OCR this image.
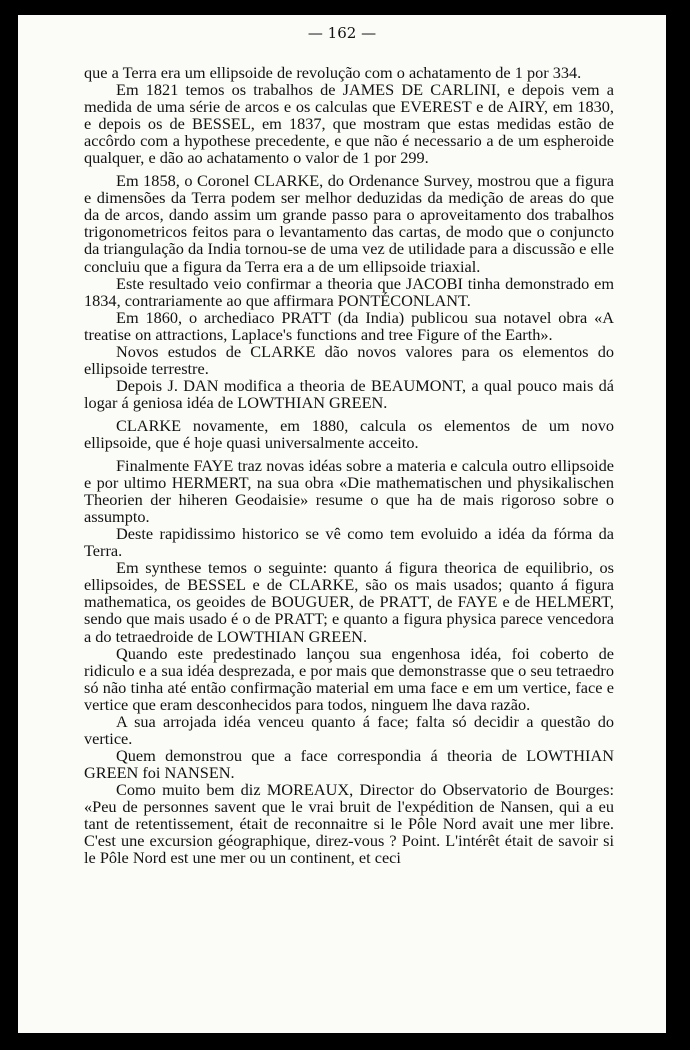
— 162 —

que a Terra era um ellipsoide de revolução com o achatamento de 1 por 334.

Em 1821 temos os trabalhos de JAMES DE CARLINI, e depois vem a medida de uma série de arcos e os calculas que EVEREST e de AIRY, em 1830, e depois os de BESSEL, em 1837, que mostram que estas medidas estão de accôrdo com a hypothese precedente, e que não é necessario a de um espheroide qualquer, e dão ao achatamento o valor de 1 por 299.

Em 1858, o Coronel CLARKE, do Ordenance Survey, mostrou que a figura e dimensões da Terra podem ser melhor deduzidas da medição de areas do que da de arcos, dando assim um grande passo para o aproveitamento dos trabalhos trigonometricos feitos para o levantamento das cartas, de modo que o conjuncto da triangulação da India tornou-se de uma vez de utilidade para a discussão e elle concluiu que a figura da Terra era a de um ellipsoide triaxial.

Este resultado veio confirmar a theoria que JACOBI tinha demonstrado em 1834, contrariamente ao que affirmara PONTÉCONLANT.

Em 1860, o archediaco PRATT (da India) publicou sua notavel obra «A treatise on attractions, Laplace's functions and tree Figure of the Earth».

Novos estudos de CLARKE dão novos valores para os elementos do ellipsoide terrestre.

Depois J. DAN modifica a theoria de BEAUMONT, a qual pouco mais dá logar á geniosa idéa de LOWTHIAN GREEN.

CLARKE novamente, em 1880, calcula os elementos de um novo ellipsoide, que é hoje quasi universalmente acceito.

Finalmente FAYE traz novas idéas sobre a materia e calcula outro ellipsoide e por ultimo HERMERT, na sua obra «Die mathematischen und physikalischen Theorien der hiheren Geodaisie» resume o que ha de mais rigoroso sobre o assumpto.

Deste rapidissimo historico se vê como tem evoluido a idéa da fórma da Terra.

Em synthese temos o seguinte: quanto á figura theorica de equilibrio, os ellipsoides, de BESSEL e de CLARKE, são os mais usados; quanto á figura mathematica, os geoides de BOUGUER, de PRATT, de FAYE e de HELMERT, sendo que mais usado é o de PRATT; e quanto a figura physica parece vencedora a do tetraedroide de LOWTHIAN GREEN.

Quando este predestinado lançou sua engenhosa idéa, foi coberto de ridiculo e a sua idéa desprezada, e por mais que demonstrasse que o seu tetraedro só não tinha até então confirmação material em uma face e em um vertice, face e vertice que eram desconhecidos para todos, ninguem lhe dava razão.

A sua arrojada idéa venceu quanto á face; falta só decidir a questão do vertice.

Quem demonstrou que a face correspondia á theoria de LOWTHIAN GREEN foi NANSEN.

Como muito bem diz MOREAUX, Director do Observatorio de Bourges: «Peu de personnes savent que le vrai bruit de l'expédition de Nansen, qui a eu tant de retentissement, était de reconnaitre si le Pôle Nord avait une mer libre. C'est une excursion géographique, direz-vous ? Point. L'intérêt était de savoir si le Pôle Nord est une mer ou un continent, et ceci
